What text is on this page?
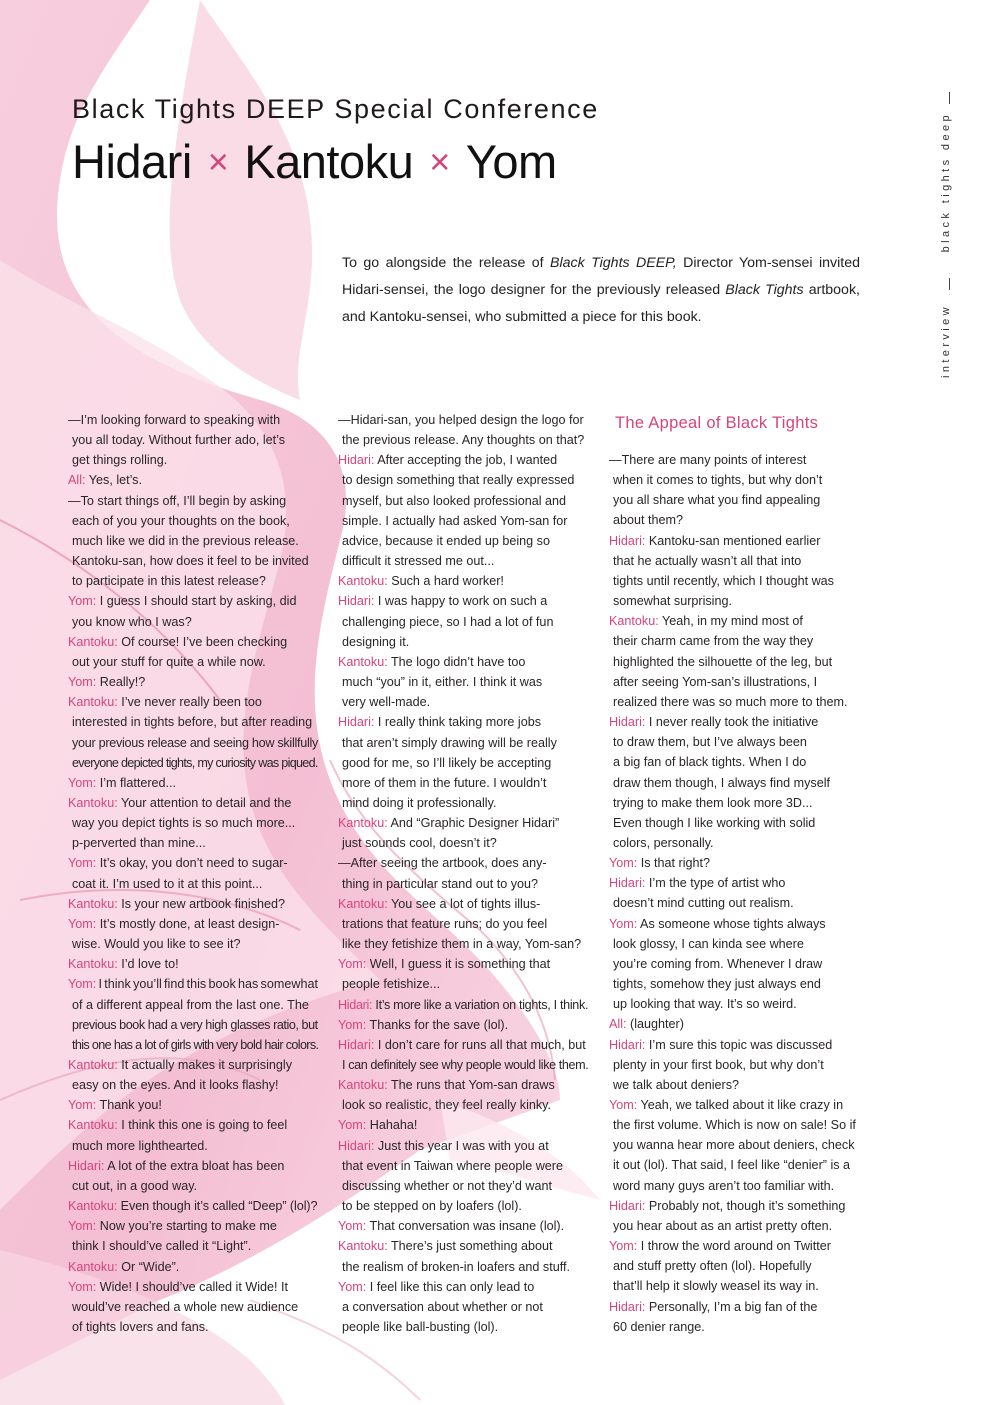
Black Tights DEEP Special Conference
Hidari × Kantoku × Yom	black tights deep
interview
To go alongside the release of Black Tights DEEP, Director Yom-sensei invited Hidari-sensei, the logo designer for the previously released Black Tights artbook, and Kantoku-sensei, who submitted a piece for this book.

—I’m looking forward to speaking with

you all today. Without further ado, let’s

get things rolling.

All: Yes, let’s.

—To start things off, I’ll begin by asking

each of you your thoughts on the book,

much like we did in the previous release.

Kantoku-san, how does it feel to be invited

to participate in this latest release?

Yom: I guess I should start by asking, did

you know who I was?

Kantoku: Of course! I’ve been checking

out your stuff for quite a while now.

Yom: Really!?

Kantoku: I’ve never really been too

interested in tights before, but after reading

your previous release and seeing how skillfully

everyone depicted tights, my curiosity was piqued.

Yom: I’m flattered...

Kantoku: Your attention to detail and the

way you depict tights is so much more...

p-perverted than mine...

Yom: It’s okay, you don’t need to sugar-

coat it. I’m used to it at this point...

Kantoku: Is your new artbook finished?

Yom: It’s mostly done, at least design-

wise. Would you like to see it?

Kantoku: I’d love to!

Yom: I think you’ll find this book has somewhat

of a different appeal from the last one. The

previous book had a very high glasses ratio, but

this one has a lot of girls with very bold hair colors.

Kantoku: It actually makes it surprisingly

easy on the eyes. And it looks flashy!

Yom: Thank you!

Kantoku: I think this one is going to feel

much more lighthearted.

Hidari: A lot of the extra bloat has been

cut out, in a good way.

Kantoku: Even though it’s called “Deep” (lol)?

Yom: Now you’re starting to make me

think I should’ve called it “Light”.

Kantoku: Or “Wide”.

Yom: Wide! I should’ve called it Wide! It

would’ve reached a whole new audience

of tights lovers and fans.

—Hidari-san, you helped design the logo for

the previous release. Any thoughts on that?

Hidari: After accepting the job, I wanted

to design something that really expressed

myself, but also looked professional and

simple. I actually had asked Yom-san for

advice, because it ended up being so

difficult it stressed me out...

Kantoku: Such a hard worker!

Hidari: I was happy to work on such a

challenging piece, so I had a lot of fun

designing it.

Kantoku: The logo didn’t have too

much “you” in it, either. I think it was

very well-made.

Hidari: I really think taking more jobs

that aren’t simply drawing will be really

good for me, so I’ll likely be accepting

more of them in the future. I wouldn’t

mind doing it professionally.

Kantoku: And “Graphic Designer Hidari”

just sounds cool, doesn’t it?

—After seeing the artbook, does any-

thing in particular stand out to you?

Kantoku: You see a lot of tights illus-

trations that feature runs; do you feel

like they fetishize them in a way, Yom-san?

Yom: Well, I guess it is something that

people fetishize...

Hidari: It’s more like a variation on tights, I think.

Yom: Thanks for the save (lol).

Hidari: I don’t care for runs all that much, but

I can definitely see why people would like them.

Kantoku: The runs that Yom-san draws

look so realistic, they feel really kinky.

Yom: Hahaha!

Hidari: Just this year I was with you at

that event in Taiwan where people were

discussing whether or not they’d want

to be stepped on by loafers (lol).

Yom: That conversation was insane (lol).

Kantoku: There’s just something about

the realism of broken-in loafers and stuff.

Yom: I feel like this can only lead to

a conversation about whether or not

people like ball-busting (lol).

The Appeal of Black Tights

—There are many points of interest

when it comes to tights, but why don’t

you all share what you find appealing

about them?

Hidari: Kantoku-san mentioned earlier

that he actually wasn’t all that into

tights until recently, which I thought was

somewhat surprising.

Kantoku: Yeah, in my mind most of

their charm came from the way they

highlighted the silhouette of the leg, but

after seeing Yom-san’s illustrations, I

realized there was so much more to them.

Hidari: I never really took the initiative

to draw them, but I’ve always been

a big fan of black tights. When I do

draw them though, I always find myself

trying to make them look more 3D...

Even though I like working with solid

colors, personally.

Yom: Is that right?

Hidari: I’m the type of artist who

doesn’t mind cutting out realism.

Yom: As someone whose tights always

look glossy, I can kinda see where

you’re coming from. Whenever I draw

tights, somehow they just always end

up looking that way. It’s so weird.

All: (laughter)

Hidari: I’m sure this topic was discussed

plenty in your first book, but why don’t

we talk about deniers?

Yom: Yeah, we talked about it like crazy in

the first volume. Which is now on sale! So if

you wanna hear more about deniers, check

it out (lol). That said, I feel like “denier” is a

word many guys aren’t too familiar with.

Hidari: Probably not, though it’s something

you hear about as an artist pretty often.

Yom: I throw the word around on Twitter

and stuff pretty often (lol). Hopefully

that’ll help it slowly weasel its way in.

Hidari: Personally, I’m a big fan of the

60 denier range.
